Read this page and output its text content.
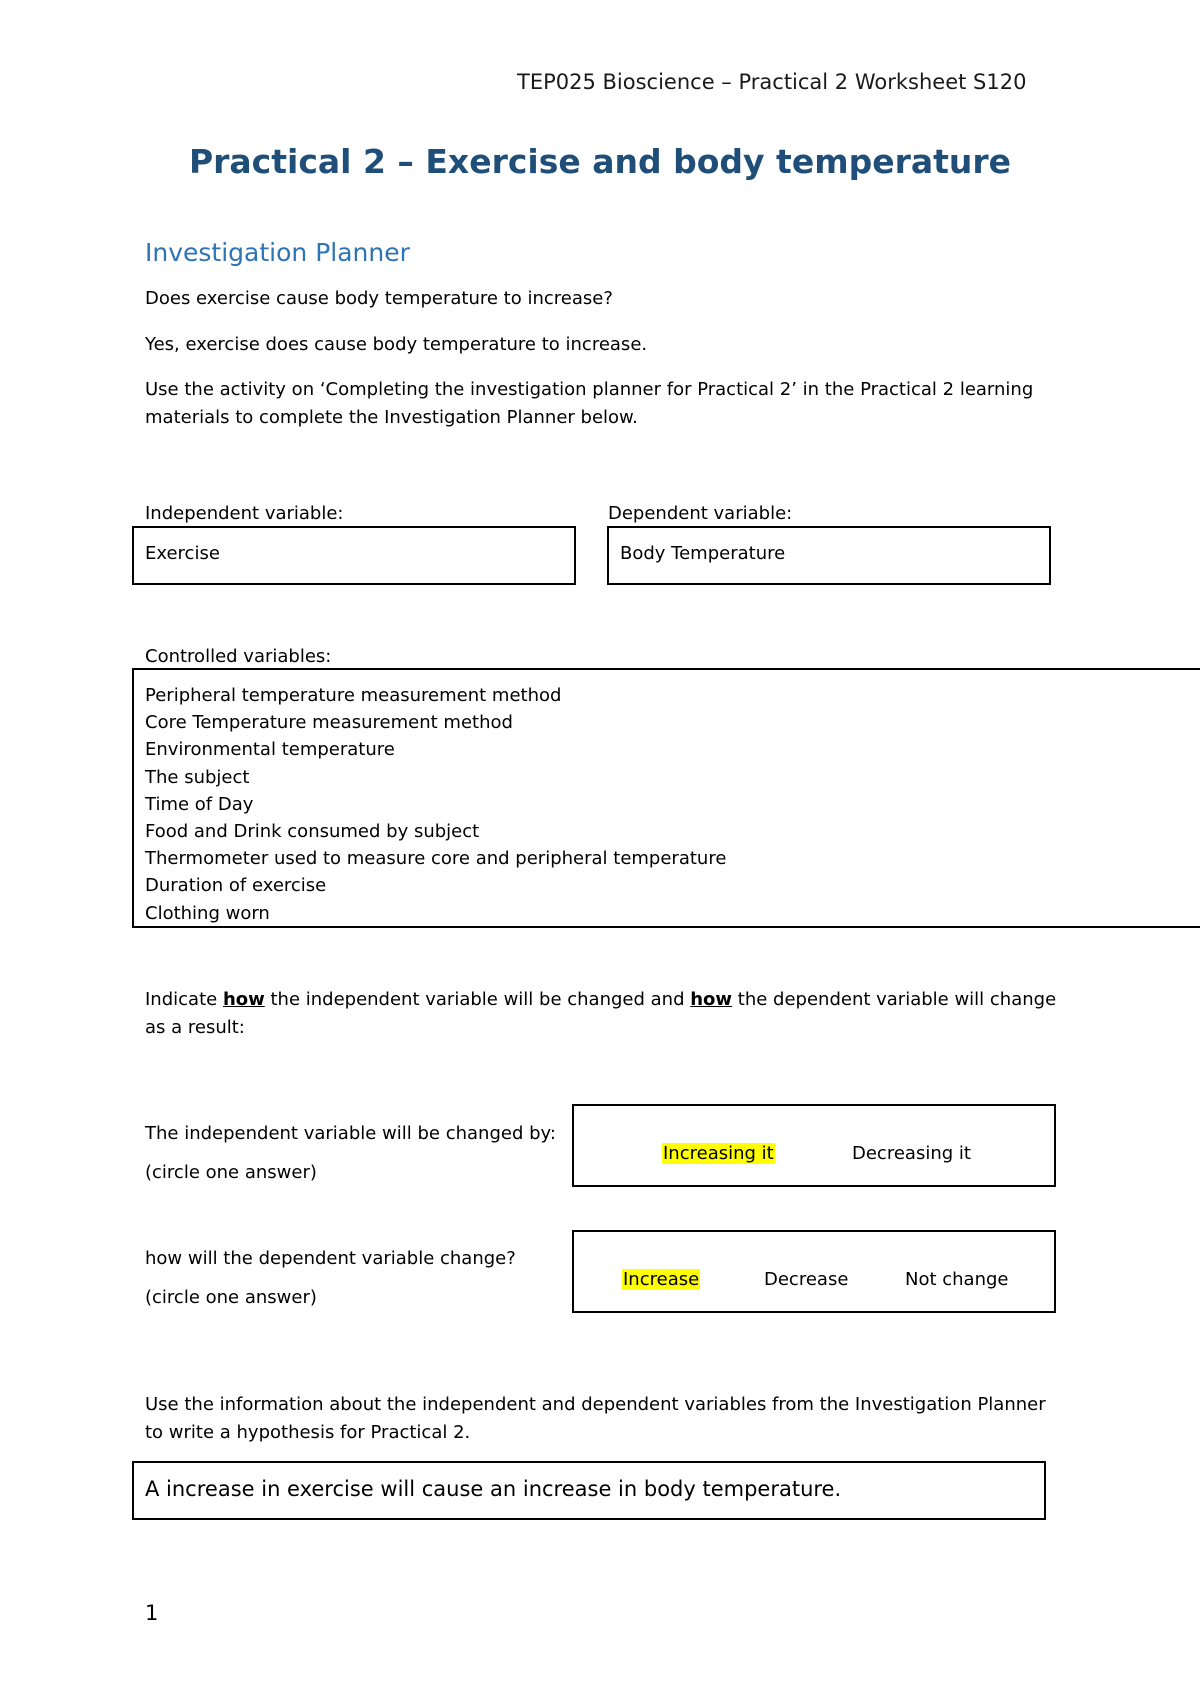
TEP025 Bioscience – Practical 2 Worksheet S120
Practical 2 – Exercise and body temperature
Investigation Planner
Does exercise cause body temperature to increase?
Yes, exercise does cause body temperature to increase.
Use the activity on ‘Completing the investigation planner for Practical 2’ in the Practical 2 learning
materials to complete the Investigation Planner below.
Independent variable:	Dependent variable:
Exercise	Body Temperature
Controlled variables:
Peripheral temperature measurement method
Core Temperature measurement method
Environmental temperature
The subject
Time of Day
Food and Drink consumed by subject
Thermometer used to measure core and peripheral temperature
Duration of exercise
Clothing worn
Indicate how the independent variable will be changed and how the dependent variable will change
as a result:
The independent variable will be changed by:
(circle one answer)
Increasing it	Decreasing it
how will the dependent variable change?
(circle one answer)
Increase	Decrease	Not change
Use the information about the independent and dependent variables from the Investigation Planner
to write a hypothesis for Practical 2.
A increase in exercise will cause an increase in body temperature.
1
